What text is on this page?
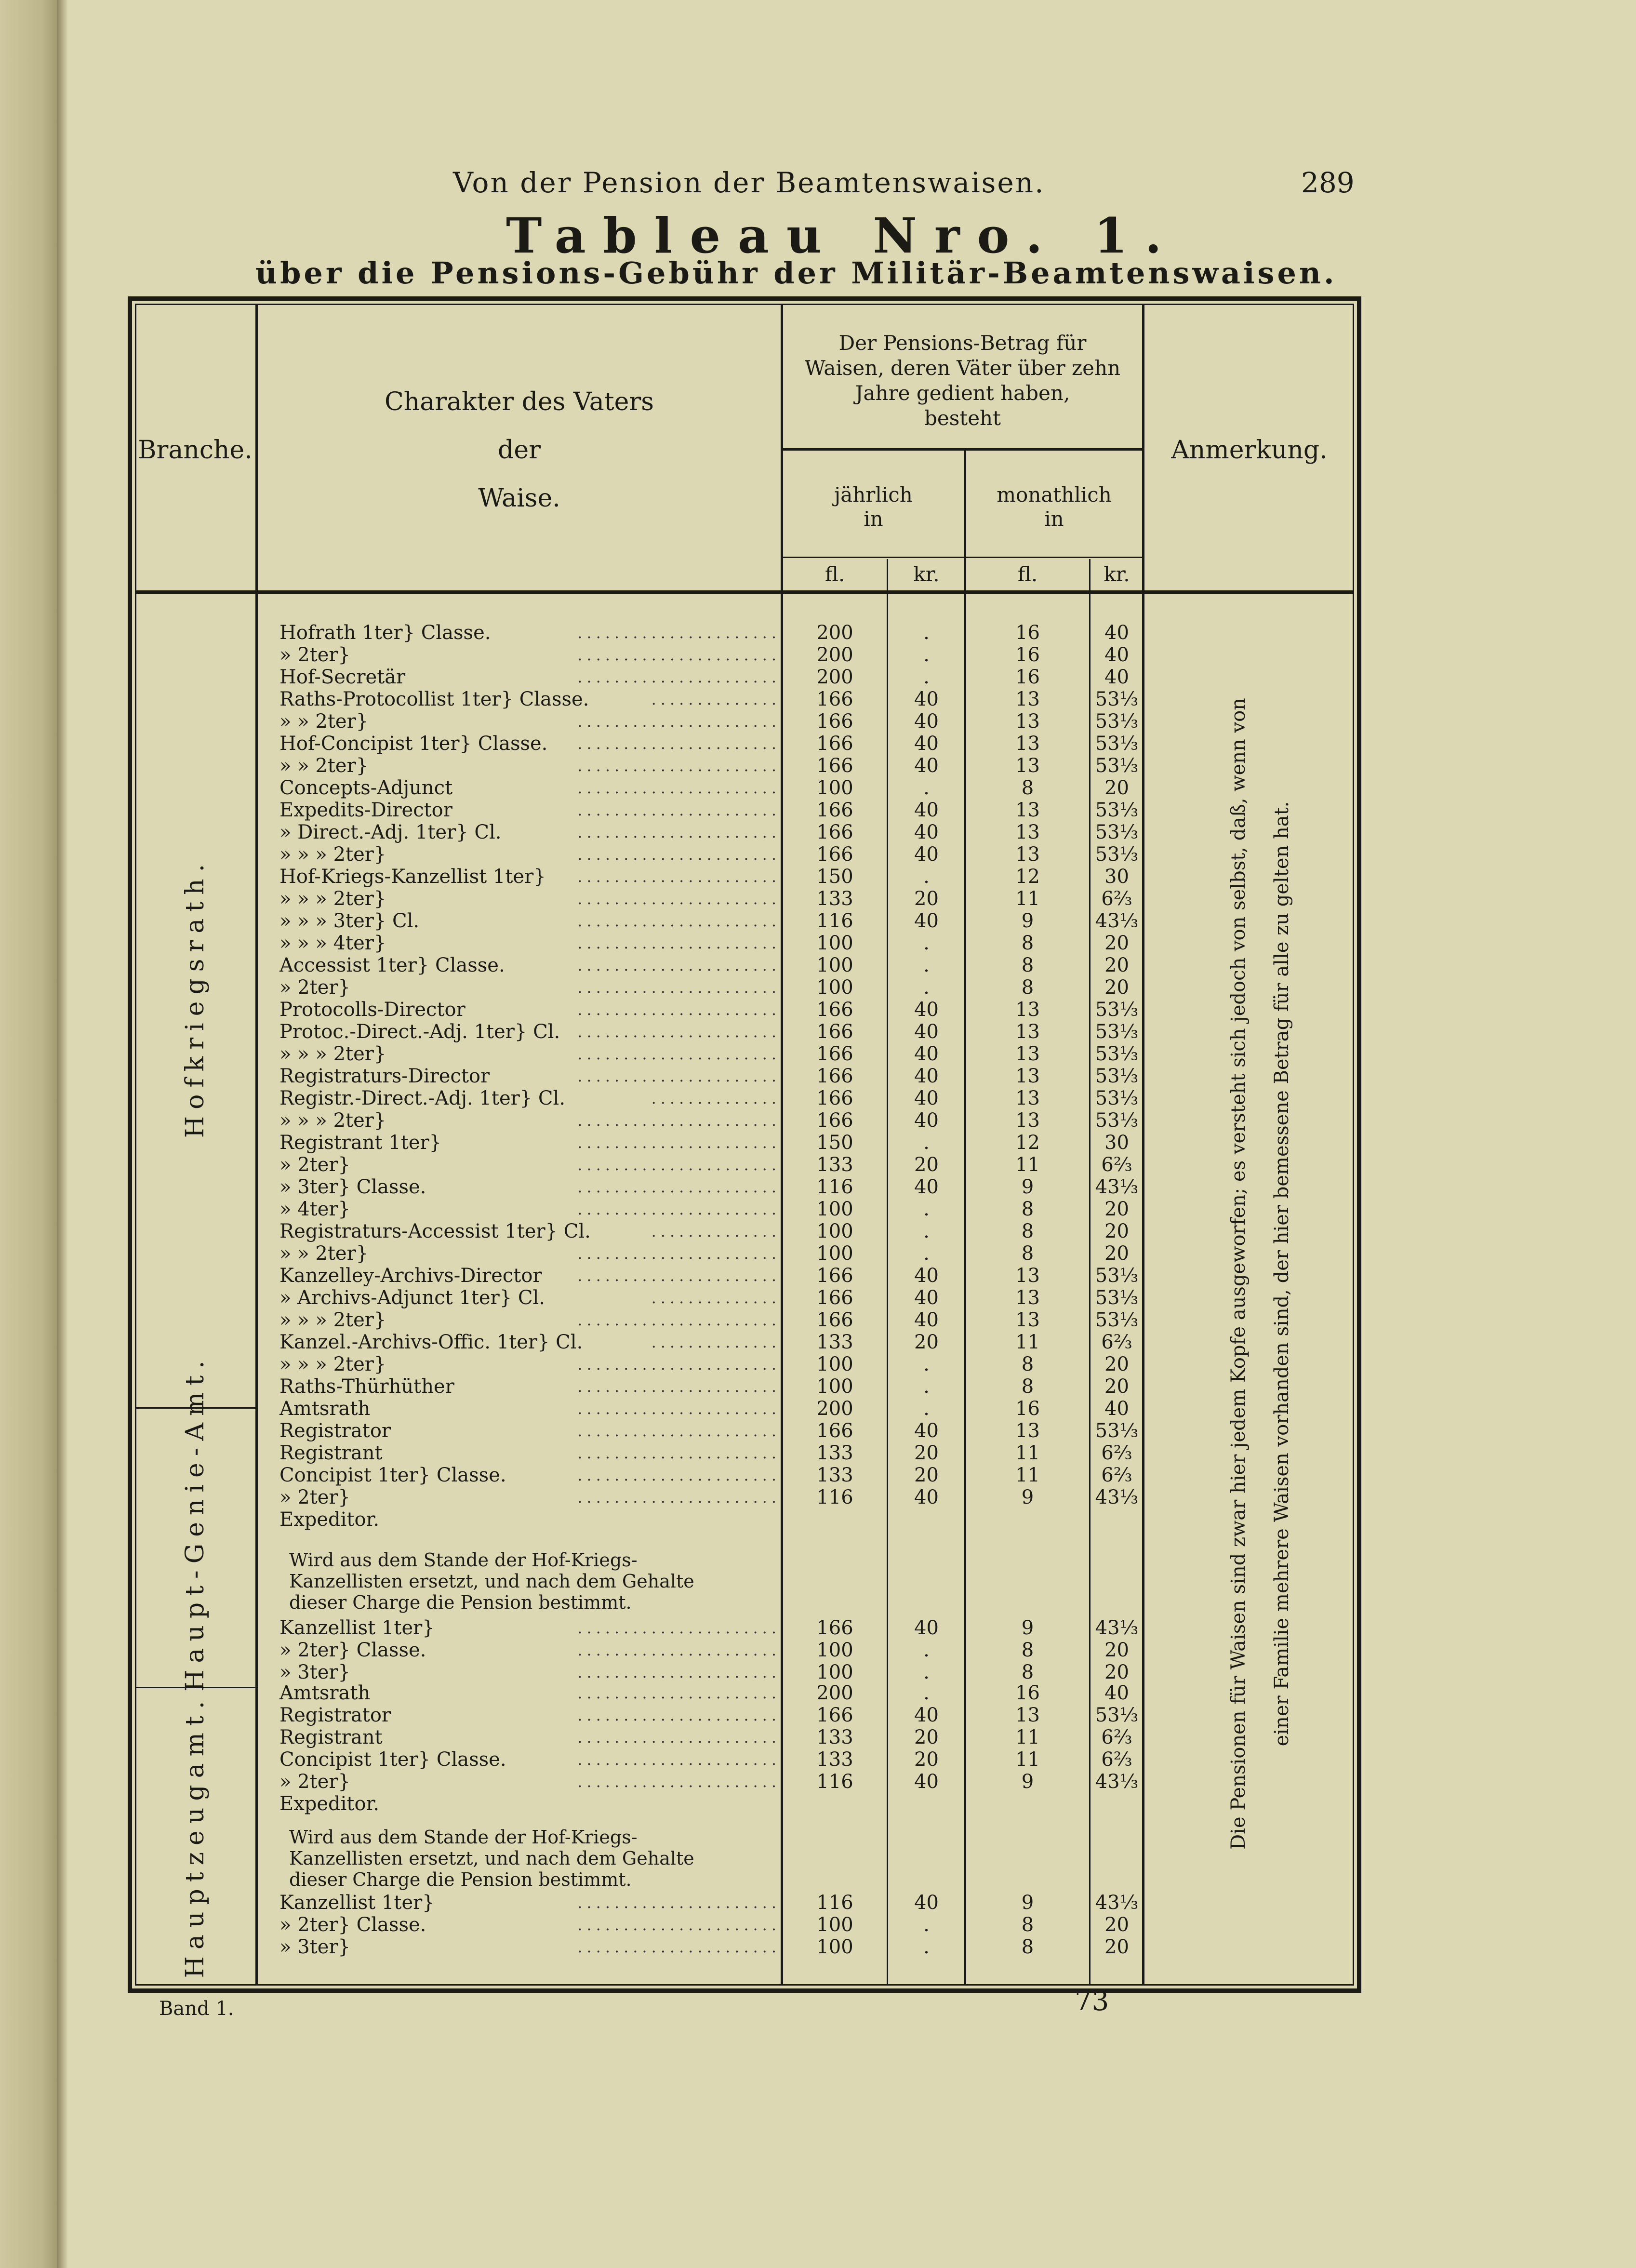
Von der Pension der Beamtenswaisen.	289
Tableau Nro. 1.
über die Pensions-Gebühr der Militär-Beamtenswaisen.
Branche.
Charakter des Vaters
der
Waise.
Der Pensions-Betrag für
Waisen, deren Väter über zehn
Jahre gedient haben,
besteht
jährlich
in
monathlich
in
fl.	kr.	fl.	kr.
Anmerkung.
Hofkriegsrath.
Haupt-Genie-Amt.
Hauptzeugamt.	Die Pensionen für Waisen sind zwar hier jedem Kopfe ausgeworfen; es versteht sich jedoch von selbst, daß, wenn von einer Familie mehrere Waisen vorhanden sind, der hier bemessene Betrag für alle zu gelten hat.
......................
Hofrath 1ter} Classe.	200	.	16	40
......................
» 2ter}	200	.	16	40
......................
Hof-Secretär	200	.	16	40
..............
Raths-Protocollist 1ter} Classe.	166	40	13	53⅓
......................
» » 2ter}	166	40	13	53⅓
......................
Hof-Concipist 1ter} Classe.	166	40	13	53⅓
......................
» » 2ter}	166	40	13	53⅓
......................
Concepts-Adjunct	100	.	8	20
......................
Expedits-Director	166	40	13	53⅓
......................
» Direct.-Adj. 1ter} Cl.	166	40	13	53⅓
......................
» » » 2ter}	166	40	13	53⅓
......................
Hof-Kriegs-Kanzellist 1ter}	150	.	12	30
......................
» » » 2ter}	133	20	11	6⅔
......................
» » » 3ter} Cl.	116	40	9	43⅓
......................
» » » 4ter}	100	.	8	20
......................
Accessist 1ter} Classe.	100	.	8	20
......................
» 2ter}	100	.	8	20
......................
Protocolls-Director	166	40	13	53⅓
......................
Protoc.-Direct.-Adj. 1ter} Cl.	166	40	13	53⅓
......................
» » » 2ter}	166	40	13	53⅓
......................
Registraturs-Director	166	40	13	53⅓
..............
Registr.-Direct.-Adj. 1ter} Cl.	166	40	13	53⅓
......................
» » » 2ter}	166	40	13	53⅓
......................
Registrant 1ter}	150	.	12	30
......................
» 2ter}	133	20	11	6⅔
......................
» 3ter} Classe.	116	40	9	43⅓
......................
» 4ter}	100	.	8	20
..............
Registraturs-Accessist 1ter} Cl.	100	.	8	20
......................
» » 2ter}	100	.	8	20
......................
Kanzelley-Archivs-Director	166	40	13	53⅓
..............
» Archivs-Adjunct 1ter} Cl.	166	40	13	53⅓
......................
» » » 2ter}	166	40	13	53⅓
..............
Kanzel.-Archivs-Offic. 1ter} Cl.	133	20	11	6⅔
......................
» » » 2ter}	100	.	8	20
......................
Raths-Thürhüther	100	.	8	20
......................
Amtsrath	200	.	16	40
......................
Registrator	166	40	13	53⅓
......................
Registrant	133	20	11	6⅔
......................
Concipist 1ter} Classe.	133	20	11	6⅔
......................
» 2ter}	116	40	9	43⅓
Expeditor.
......................
Kanzellist 1ter}	166	40	9	43⅓
......................
» 2ter} Classe.	100	.	8	20
......................
» 3ter}	100	.	8	20
......................
Amtsrath	200	.	16	40
......................
Registrator	166	40	13	53⅓
......................
Registrant	133	20	11	6⅔
......................
Concipist 1ter} Classe.	133	20	11	6⅔
......................
» 2ter}	116	40	9	43⅓
Expeditor.
......................
Kanzellist 1ter}	116	40	9	43⅓
......................
» 2ter} Classe.	100	.	8	20
......................
» 3ter}	100	.	8	20
Wird aus dem Stande der Hof-Kriegs-Kanzellisten ersetzt, und nach dem Gehalte dieser Charge die Pension bestimmt.
Wird aus dem Stande der Hof-Kriegs-Kanzellisten ersetzt, und nach dem Gehalte dieser Charge die Pension bestimmt.
Band 1.	73
